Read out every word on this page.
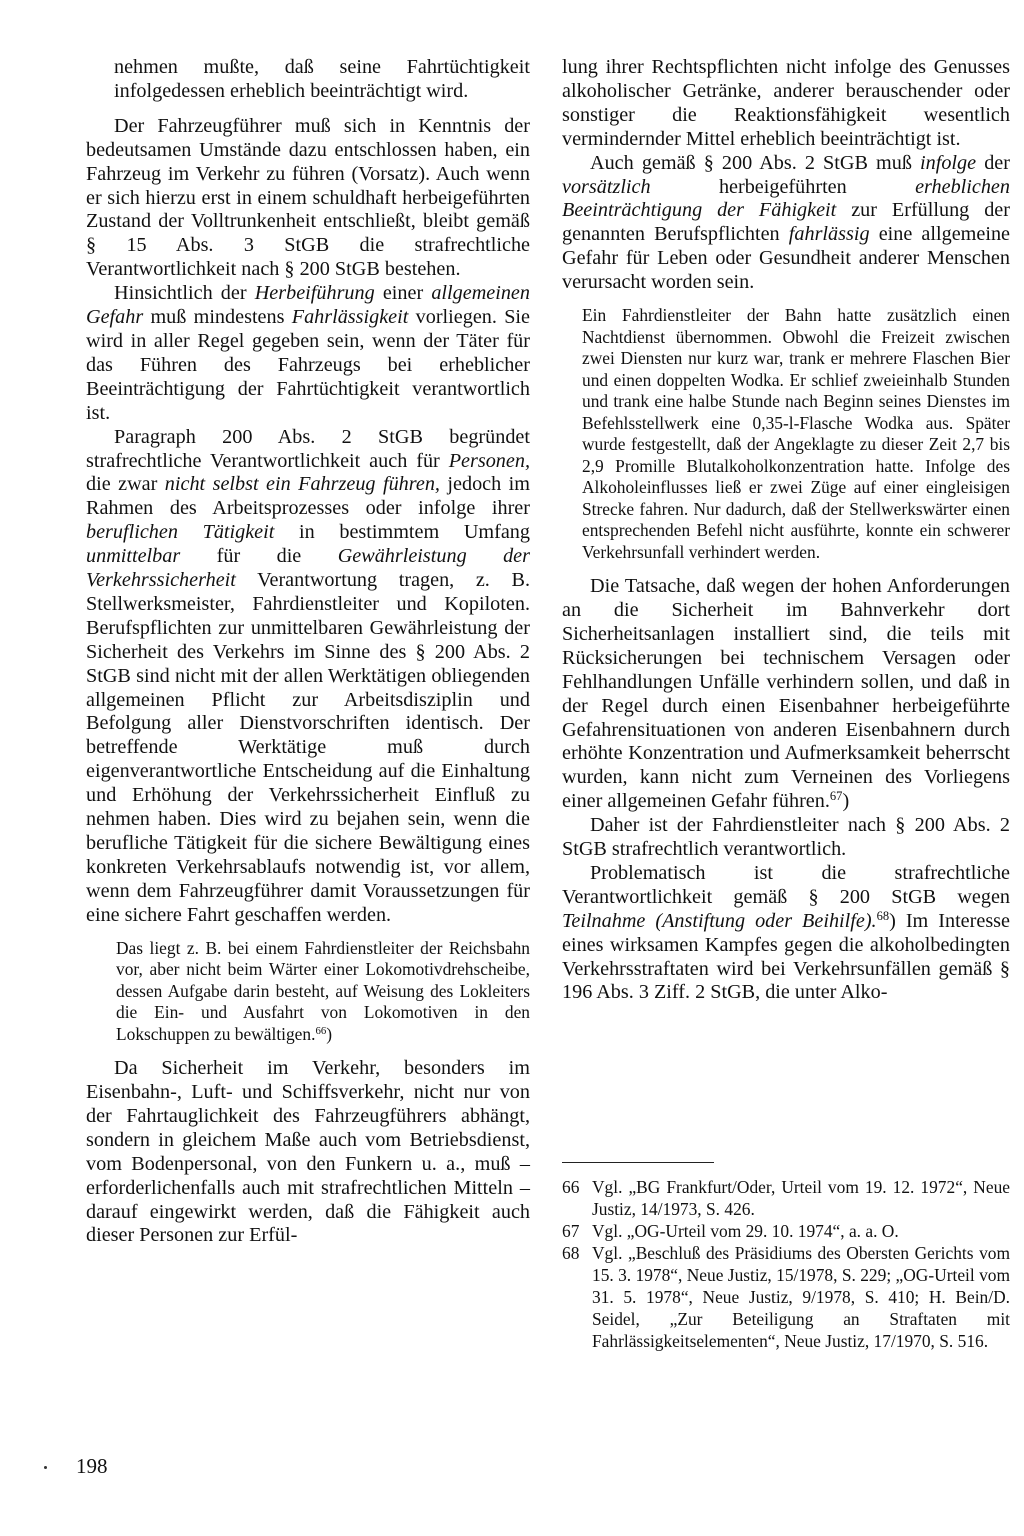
nehmen mußte, daß seine Fahrtüchtigkeit infolgedessen erheblich beeinträchtigt wird.

Der Fahrzeugführer muß sich in Kenntnis der bedeutsamen Umstände dazu entschlossen haben, ein Fahrzeug im Verkehr zu führen (Vorsatz). Auch wenn er sich hierzu erst in einem schuldhaft herbeigeführten Zustand der Volltrunkenheit entschließt, bleibt gemäß § 15 Abs. 3 StGB die strafrechtliche Verantwortlichkeit nach § 200 StGB bestehen.

Hinsichtlich der Herbeiführung einer allgemeinen Gefahr muß mindestens Fahrlässigkeit vorliegen. Sie wird in aller Regel gegeben sein, wenn der Täter für das Führen des Fahrzeugs bei erheblicher Beeinträchtigung der Fahrtüchtigkeit verantwortlich ist.

Paragraph 200 Abs. 2 StGB begründet strafrechtliche Verantwortlichkeit auch für Personen, die zwar nicht selbst ein Fahrzeug führen, jedoch im Rahmen des Arbeitsprozesses oder infolge ihrer beruflichen Tätigkeit in bestimmtem Umfang unmittelbar für die Gewährleistung der Verkehrssicherheit Verantwortung tragen, z. B. Stellwerksmeister, Fahrdienstleiter und Kopiloten. Berufspflichten zur unmittelbaren Gewährleistung der Sicherheit des Verkehrs im Sinne des § 200 Abs. 2 StGB sind nicht mit der allen Werktätigen obliegenden allgemeinen Pflicht zur Arbeitsdisziplin und Befolgung aller Dienstvorschriften identisch. Der betreffende Werktätige muß durch eigenverantwortliche Entscheidung auf die Einhaltung und Erhöhung der Verkehrssicherheit Einfluß zu nehmen haben. Dies wird zu bejahen sein, wenn die berufliche Tätigkeit für die sichere Bewältigung eines konkreten Verkehrsablaufs notwendig ist, vor allem, wenn dem Fahrzeugführer damit Voraussetzungen für eine sichere Fahrt geschaffen werden.

Das liegt z. B. bei einem Fahrdienstleiter der Reichsbahn vor, aber nicht beim Wärter einer Lokomotivdrehscheibe, dessen Aufgabe darin besteht, auf Weisung des Lokleiters die Ein- und Ausfahrt von Lokomotiven in den Lokschuppen zu bewältigen.$^{66}$)

Da Sicherheit im Verkehr, besonders im Eisenbahn-, Luft- und Schiffsverkehr, nicht nur von der Fahrtauglichkeit des Fahrzeugführers abhängt, sondern in gleichem Maße auch vom Betriebsdienst, vom Bodenpersonal, von den Funkern u. a., muß – erforderlichenfalls auch mit strafrechtlichen Mitteln – darauf eingewirkt werden, daß die Fähigkeit auch dieser Personen zur Erfül-

lung ihrer Rechtspflichten nicht infolge des Genusses alkoholischer Getränke, anderer berauschender oder sonstiger die Reaktionsfähigkeit wesentlich vermindernder Mittel erheblich beeinträchtigt ist.

Auch gemäß § 200 Abs. 2 StGB muß infolge der vorsätzlich herbeigeführten erheblichen Beeinträchtigung der Fähigkeit zur Erfüllung der genannten Berufspflichten fahrlässig eine allgemeine Gefahr für Leben oder Gesundheit anderer Menschen verursacht worden sein.

Ein Fahrdienstleiter der Bahn hatte zusätzlich einen Nachtdienst übernommen. Obwohl die Freizeit zwischen zwei Diensten nur kurz war, trank er mehrere Flaschen Bier und einen doppelten Wodka. Er schlief zweieinhalb Stunden und trank eine halbe Stunde nach Beginn seines Dienstes im Befehlsstellwerk eine 0,35-l-Flasche Wodka aus. Später wurde festgestellt, daß der Angeklagte zu dieser Zeit 2,7 bis 2,9 Promille Blutalkoholkonzentration hatte. Infolge des Alkoholeinflusses ließ er zwei Züge auf einer eingleisigen Strecke fahren. Nur dadurch, daß der Stellwerkswärter einen entsprechenden Befehl nicht ausführte, konnte ein schwerer Verkehrsunfall verhindert werden.

Die Tatsache, daß wegen der hohen Anforderungen an die Sicherheit im Bahnverkehr dort Sicherheitsanlagen installiert sind, die teils mit Rücksicherungen bei technischem Versagen oder Fehlhandlungen Unfälle verhindern sollen, und daß in der Regel durch einen Eisenbahner herbeigeführte Gefahrensituationen von anderen Eisenbahnern durch erhöhte Konzentration und Aufmerksamkeit beherrscht wurden, kann nicht zum Verneinen des Vorliegens einer allgemeinen Gefahr führen.$^{67}$)

Daher ist der Fahrdienstleiter nach § 200 Abs. 2 StGB strafrechtlich verantwortlich.

Problematisch ist die strafrechtliche Verantwortlichkeit gemäß § 200 StGB wegen Teilnahme (Anstiftung oder Beihilfe).$^{68}$) Im Interesse eines wirksamen Kampfes gegen die alkoholbedingten Verkehrsstraftaten wird bei Verkehrsunfällen gemäß § 196 Abs. 3 Ziff. 2 StGB, die unter Alko-

66 Vgl. „BG Frankfurt/Oder, Urteil vom 19. 12. 1972“, Neue Justiz, 14/1973, S. 426.
67 Vgl. „OG-Urteil vom 29. 10. 1974“, a. a. O.
68 Vgl. „Beschluß des Präsidiums des Obersten Gerichts vom 15. 3. 1978“, Neue Justiz, 15/1978, S. 229; „OG-Urteil vom 31. 5. 1978“, Neue Justiz, 9/1978, S. 410; H. Bein/D. Seidel, „Zur Beteiligung an Straftaten mit Fahrlässigkeitselementen“, Neue Justiz, 17/1970, S. 516.
198
